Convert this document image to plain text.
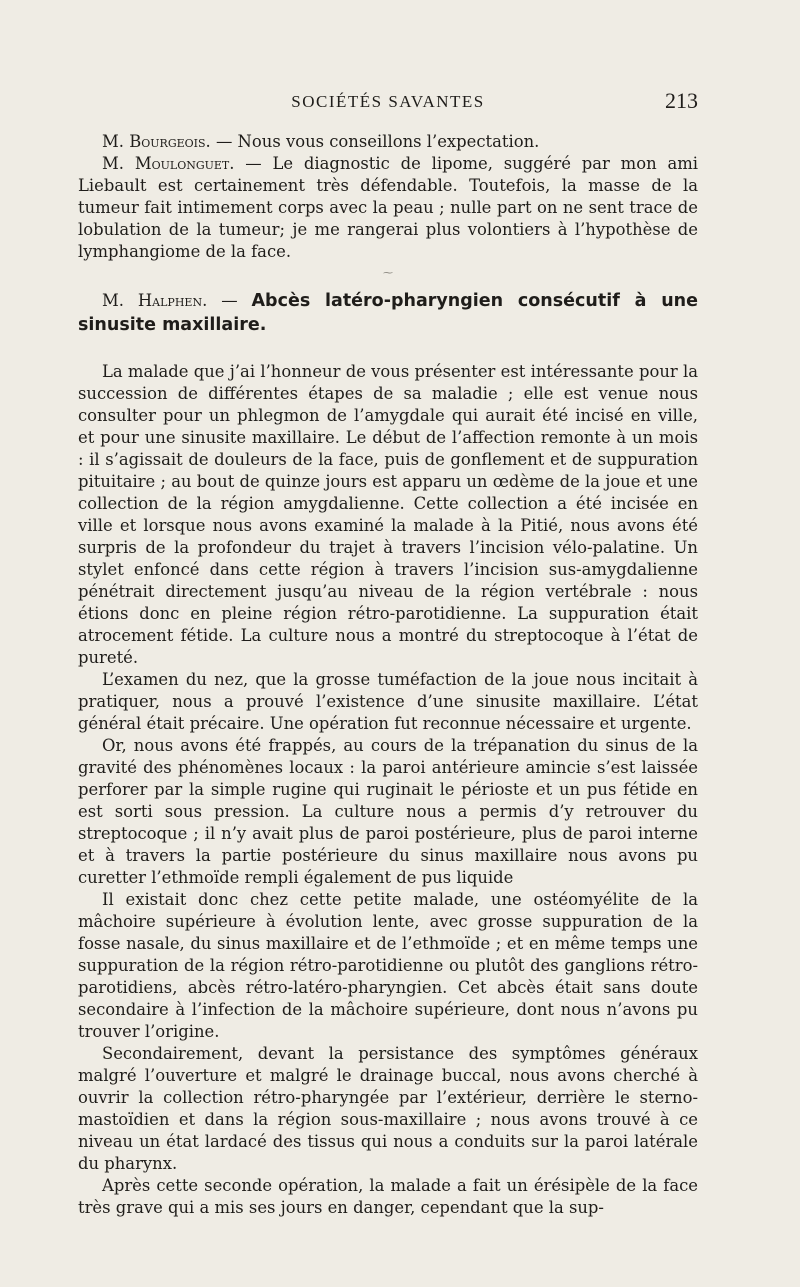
SOCIÉTÉS SAVANTES	213

M. Bourgeois. — Nous vous conseillons l’expectation.

M. Moulonguet. — Le diagnostic de lipome, suggéré par mon ami Liebault est certainement très défendable. Toutefois, la masse de la tumeur fait intimement corps avec la peau ; nulle part on ne sent trace de lobulation de la tumeur; je me rangerai plus volontiers à l’hypothèse de lymphangiome de la face.

⁓

M. Halphen. — Abcès latéro-pharyngien consécutif à une sinusite maxillaire.

La malade que j’ai l’honneur de vous présenter est intéressante pour la succession de différentes étapes de sa maladie ; elle est venue nous consulter pour un phlegmon de l’amygdale qui aurait été incisé en ville, et pour une sinusite maxillaire. Le début de l’affection remonte à un mois : il s’agissait de douleurs de la face, puis de gonflement et de suppuration pituitaire ; au bout de quinze jours est apparu un œdème de la joue et une collection de la région amygdalienne. Cette collection a été incisée en ville et lorsque nous avons examiné la malade à la Pitié, nous avons été surpris de la profondeur du trajet à travers l’incision vélo-palatine. Un stylet enfoncé dans cette région à travers l’incision sus-amygdalienne pénétrait directement jusqu’au niveau de la région vertébrale : nous étions donc en pleine région rétro-parotidienne. La suppuration était atrocement fétide. La culture nous a montré du streptocoque à l’état de pureté.

L’examen du nez, que la grosse tuméfaction de la joue nous incitait à pratiquer, nous a prouvé l’existence d’une sinusite maxillaire. L’état général était précaire. Une opération fut reconnue nécessaire et urgente.

Or, nous avons été frappés, au cours de la trépanation du sinus de la gravité des phénomènes locaux : la paroi antérieure amincie s’est laissée perforer par la simple rugine qui ruginait le périoste et un pus fétide en est sorti sous pression. La culture nous a permis d’y retrouver du streptocoque ; il n’y avait plus de paroi postérieure, plus de paroi interne et à travers la partie postérieure du sinus maxillaire nous avons pu curetter l’ethmoïde rempli également de pus liquide

Il existait donc chez cette petite malade, une ostéomyélite de la mâchoire supérieure à évolution lente, avec grosse suppuration de la fosse nasale, du sinus maxillaire et de l’ethmoïde ; et en même temps une suppuration de la région rétro-parotidienne ou plutôt des ganglions rétro-parotidiens, abcès rétro-latéro-pharyngien. Cet abcès était sans doute secondaire à l’infection de la mâchoire supérieure, dont nous n’avons pu trouver l’origine.

Secondairement, devant la persistance des symptômes généraux malgré l’ouverture et malgré le drainage buccal, nous avons cherché à ouvrir la collection rétro-pharyngée par l’extérieur, derrière le sterno-mastoïdien et dans la région sous-maxillaire ; nous avons trouvé à ce niveau un état lardacé des tissus qui nous a conduits sur la paroi latérale du pharynx.

Après cette seconde opération, la malade a fait un érésipèle de la face très grave qui a mis ses jours en danger, cependant que la sup-
